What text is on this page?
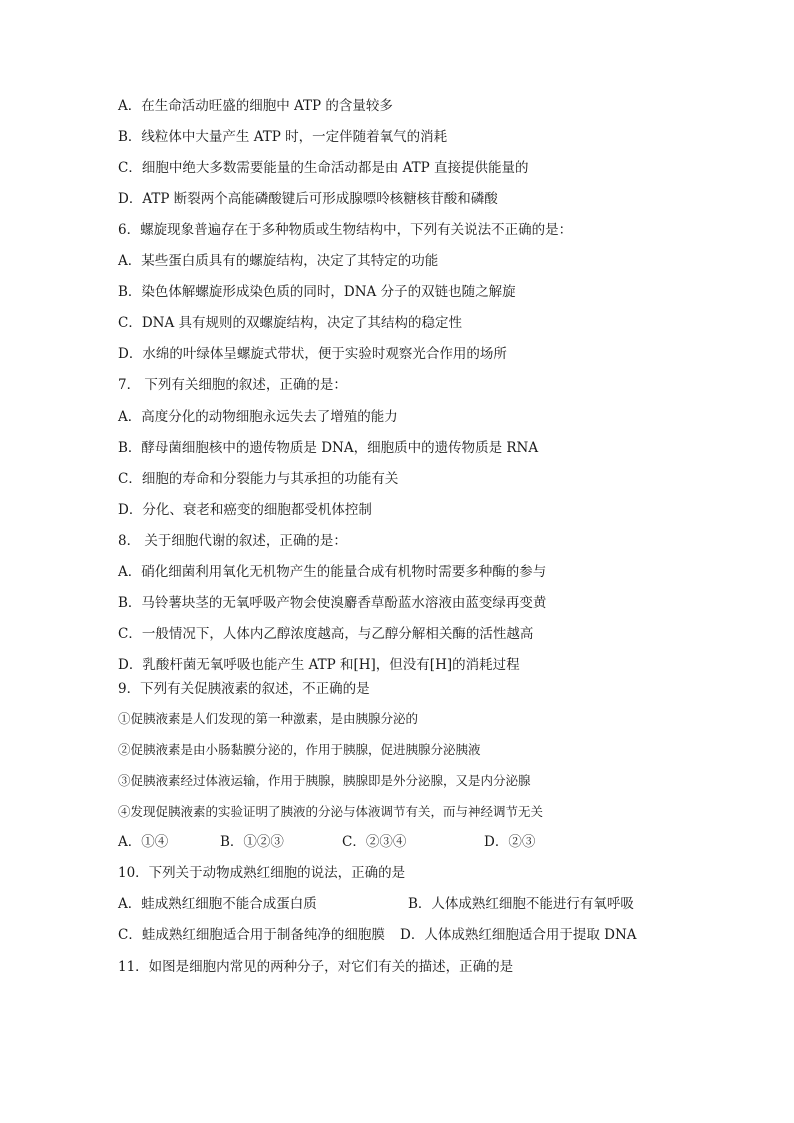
A．在生命活动旺盛的细胞中 ATP 的含量较多
B．线粒体中大量产生 ATP 时，一定伴随着氧气的消耗
C．细胞中绝大多数需要能量的生命活动都是由 ATP 直接提供能量的
D．ATP 断裂两个高能磷酸键后可形成腺嘌呤核糖核苷酸和磷酸
6．螺旋现象普遍存在于多种物质或生物结构中，下列有关说法不正确的是：
A．某些蛋白质具有的螺旋结构，决定了其特定的功能
B．染色体解螺旋形成染色质的同时，DNA 分子的双链也随之解旋
C．DNA 具有规则的双螺旋结构，决定了其结构的稳定性
D．水绵的叶绿体呈螺旋式带状，便于实验时观察光合作用的场所
7． 下列有关细胞的叙述，正确的是：
A．高度分化的动物细胞永远失去了增殖的能力
B．酵母菌细胞核中的遗传物质是 DNA，细胞质中的遗传物质是 RNA
C．细胞的寿命和分裂能力与其承担的功能有关
D．分化、衰老和癌变的细胞都受机体控制
8． 关于细胞代谢的叙述，正确的是：
A．硝化细菌利用氧化无机物产生的能量合成有机物时需要多种酶的参与
B．马铃薯块茎的无氧呼吸产物会使溴麝香草酚蓝水溶液由蓝变绿再变黄
C．一般情况下，人体内乙醇浓度越高，与乙醇分解相关酶的活性越高
D．乳酸杆菌无氧呼吸也能产生 ATP 和[H]，但没有[H]的消耗过程
9．下列有关促胰液素的叙述，不正确的是
①促胰液素是人们发现的第一种激素，是由胰腺分泌的
②促胰液素是由小肠黏膜分泌的，作用于胰腺，促进胰腺分泌胰液
③促胰液素经过体液运输，作用于胰腺，胰腺即是外分泌腺，又是内分泌腺
④发现促胰液素的实验证明了胰液的分泌与体液调节有关，而与神经调节无关
A．①④	B．①②③	C．②③④	D．②③
10．下列关于动物成熟红细胞的说法，正确的是
A．蛙成熟红细胞不能合成蛋白质	B．人体成熟红细胞不能进行有氧呼吸
C．蛙成熟红细胞适合用于制备纯净的细胞膜 D．人体成熟红细胞适合用于提取 DNA
11．如图是细胞内常见的两种分子，对它们有关的描述，正确的是
